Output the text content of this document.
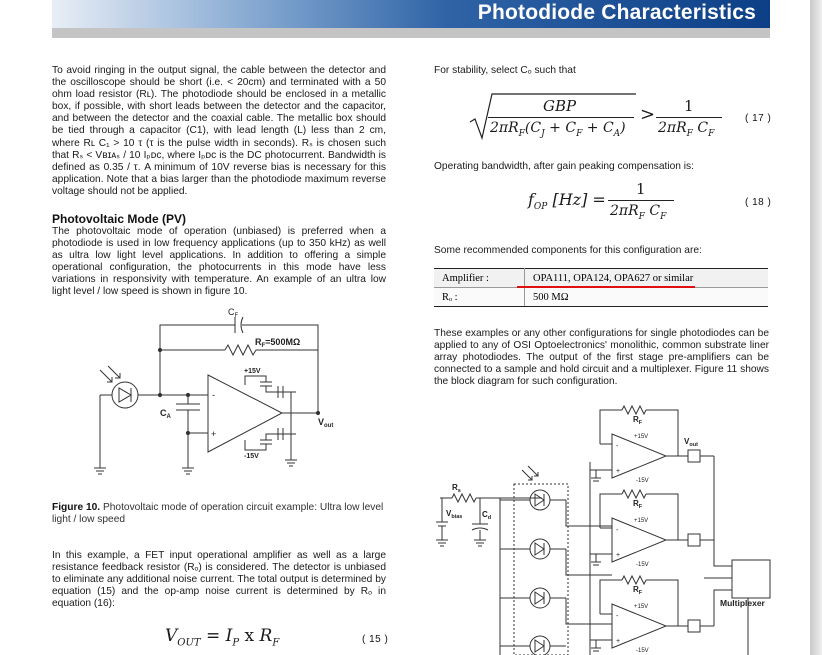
Photodiode Characteristics
To avoid ringing in the output signal, the cable between the detector and the oscilloscope should be short (i.e. < 20cm) and terminated with a 50 ohm load resistor (Rʟ). The photodiode should be enclosed in a metallic box, if possible, with short leads between the detector and the capacitor, and between the detector and the coaxial cable. The metallic box should be tied through a capacitor (C1), with lead length (L) less than 2 cm, where Rʟ C₁ > 10 τ (τ is the pulse width in seconds). Rₛ is chosen such that Rₛ < Vʙɪᴀₛ / 10 Iₚᴅᴄ, where Iₚᴅᴄ is the DC photocurrent. Bandwidth is defined as 0.35 / τ. A minimum of 10V reverse bias is necessary for this application. Note that a bias larger than the photodiode maximum reverse voltage should not be applied.
Photovoltaic Mode (PV)
The photovoltaic mode of operation (unbiased) is preferred when a photodiode is used in low frequency applications (up to 350 kHz) as well as ultra low light level applications. In addition to offering a simple operational configuration, the photocurrents in this mode have less variations in responsivity with temperature. An example of an ultra low light level / low speed is shown in figure 10.
$C_F$
$R_F=500M\Omega$
$C_A$
+15V
-15V
$V_{out}$
-
+
Figure 10. Photovoltaic mode of operation circuit example: Ultra low level light / low speed
In this example, a FET input operational amplifier as well as a large resistance feedback resistor (Rₒ) is considered. The detector is unbiased to eliminate any additional noise current. The total output is determined by equation (15) and the op-amp noise current is determined by Rₒ in equation (16):
$V_{OUT} = I_P$ x $R_F$	( 15 )
For stability, select Cₒ such that
GBP
$2\pi R_F(C_J + C_F + C_A)$
> 1
$2\pi R_F$ $C_F$
( 17 )
Operating bandwidth, after gain peaking compensation is:
$f_{OP}$ [Hz] =
1
$2\pi R_F$ $C_F$
( 18 )
Some recommended components for this configuration are:
Amplifier :	OPA111, OPA124, OPA627 or similar
Rₒ :	500 MΩ
These examples or any other configurations for single photodiodes can be applied to any of OSI Optoelectronics' monolithic, common substrate liner array photodiodes. The output of the first stage pre-amplifiers can be connected to a sample and hold circuit and a multiplexer. Figure 11 shows the block diagram for such configuration.
Multiplexer
$R_s$
$V_{bias}$ $C_d$
$V_{out}$
$R_F$
+15V
-15V
-
+
$R_F$
+15V
-15V
-
+
$R_F$
+15V
-15V
-
+
